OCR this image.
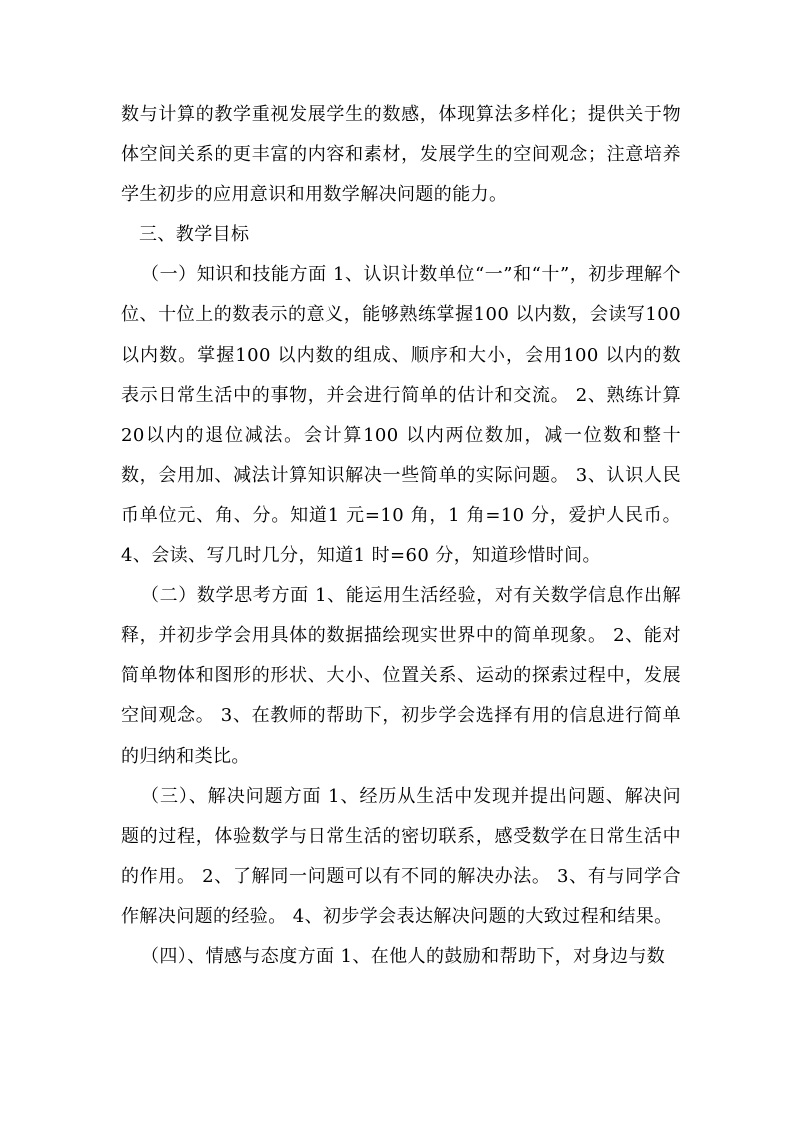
数与计算的教学重视发展学生的数感，体现算法多样化；提供关于物体空间关系的更丰富的内容和素材，发展学生的空间观念；注意培养学生初步的应用意识和用数学解决问题的能力。

三、教学目标

（一）知识和技能方面 1、认识计数单位“一”和“十”，初步理解个位、十位上的数表示的意义，能够熟练掌握100 以内数，会读写100以内数。掌握100 以内数的组成、顺序和大小，会用100 以内的数表示日常生活中的事物，并会进行简单的估计和交流。 2、熟练计算20以内的退位减法。会计算100 以内两位数加，减一位数和整十数，会用加、减法计算知识解决一些简单的实际问题。 3、认识人民币单位元、角、分。知道1 元=10 角，1 角=10 分，爱护人民币。 4、会读、写几时几分，知道1 时=60 分，知道珍惜时间。

（二）数学思考方面 1、能运用生活经验，对有关数学信息作出解释，并初步学会用具体的数据描绘现实世界中的简单现象。 2、能对简单物体和图形的形状、大小、位置关系、运动的探索过程中，发展空间观念。 3、在教师的帮助下，初步学会选择有用的信息进行简单的归纳和类比。

（三）、解决问题方面 1、经历从生活中发现并提出问题、解决问题的过程，体验数学与日常生活的密切联系，感受数学在日常生活中的作用。 2、了解同一问题可以有不同的解决办法。 3、有与同学合作解决问题的经验。 4、初步学会表达解决问题的大致过程和结果。

（四）、情感与态度方面 1、在他人的鼓励和帮助下，对身边与数
